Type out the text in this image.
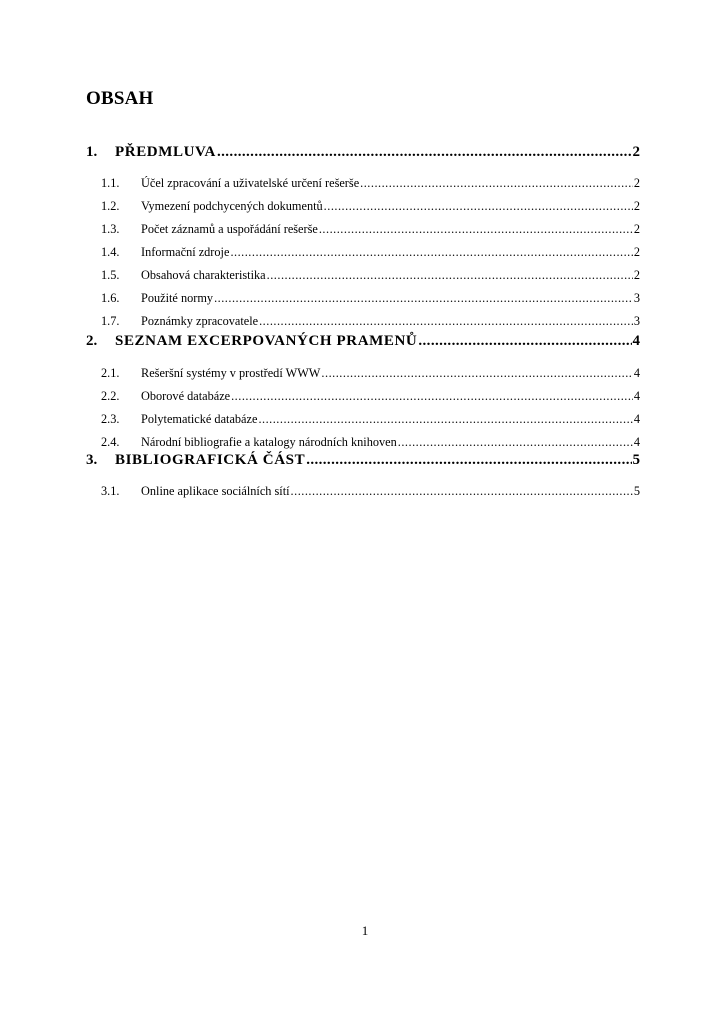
OBSAH
1.	PŘEDMLUVA .....	2
1.1.	Účel zpracování a uživatelské určení rešerše .....	2
1.2.	Vymezení podchycených dokumentů .....	2
1.3.	Počet záznamů a uspořádání rešerše .....	2
1.4.	Informační zdroje .....	2
1.5.	Obsahová charakteristika .....	2
1.6.	Použité normy .....	3
1.7.	Poznámky zpracovatele .....	3
2.	SEZNAM EXCERPOVANÝCH PRAMENŮ .....	4
2.1.	Rešeršní systémy v prostředí WWW .....	4
2.2.	Oborové databáze .....	4
2.3.	Polytematické databáze .....	4
2.4.	Národní bibliografie a katalogy národních knihoven .....	4
3.	BIBLIOGRAFICKÁ ČÁST .....	5
3.1.	Online aplikace sociálních sítí .....	5
1
